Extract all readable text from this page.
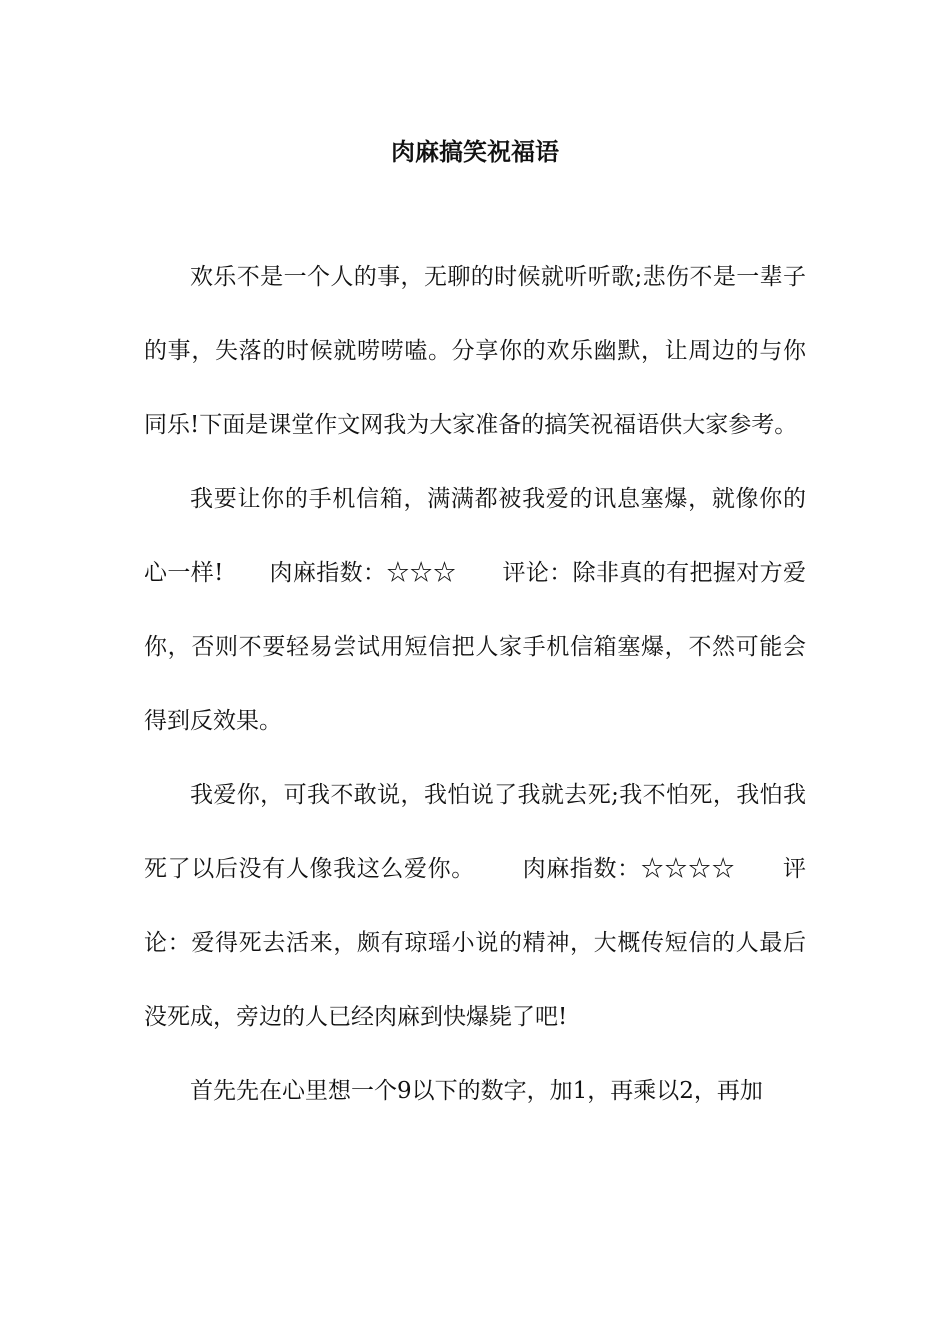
肉麻搞笑祝福语

欢乐不是一个人的事，无聊的时候就听听歌;悲伤不是一辈子的事，失落的时候就唠唠嗑。分享你的欢乐幽默，让周边的与你同乐!下面是课堂作文网我为大家准备的搞笑祝福语供大家参考。

我要让你的手机信箱，满满都被我爱的讯息塞爆，就像你的心一样!      肉麻指数：☆☆☆      评论：除非真的有把握对方爱你，否则不要轻易尝试用短信把人家手机信箱塞爆，不然可能会得到反效果。

我爱你，可我不敢说，我怕说了我就去死;我不怕死，我怕我死了以后没有人像我这么爱你。      肉麻指数：☆☆☆☆      评论：爱得死去活来，颇有琼瑶小说的精神，大概传短信的人最后没死成，旁边的人已经肉麻到快爆毙了吧!

首先先在心里想一个9以下的数字，加1，再乘以2，再加
